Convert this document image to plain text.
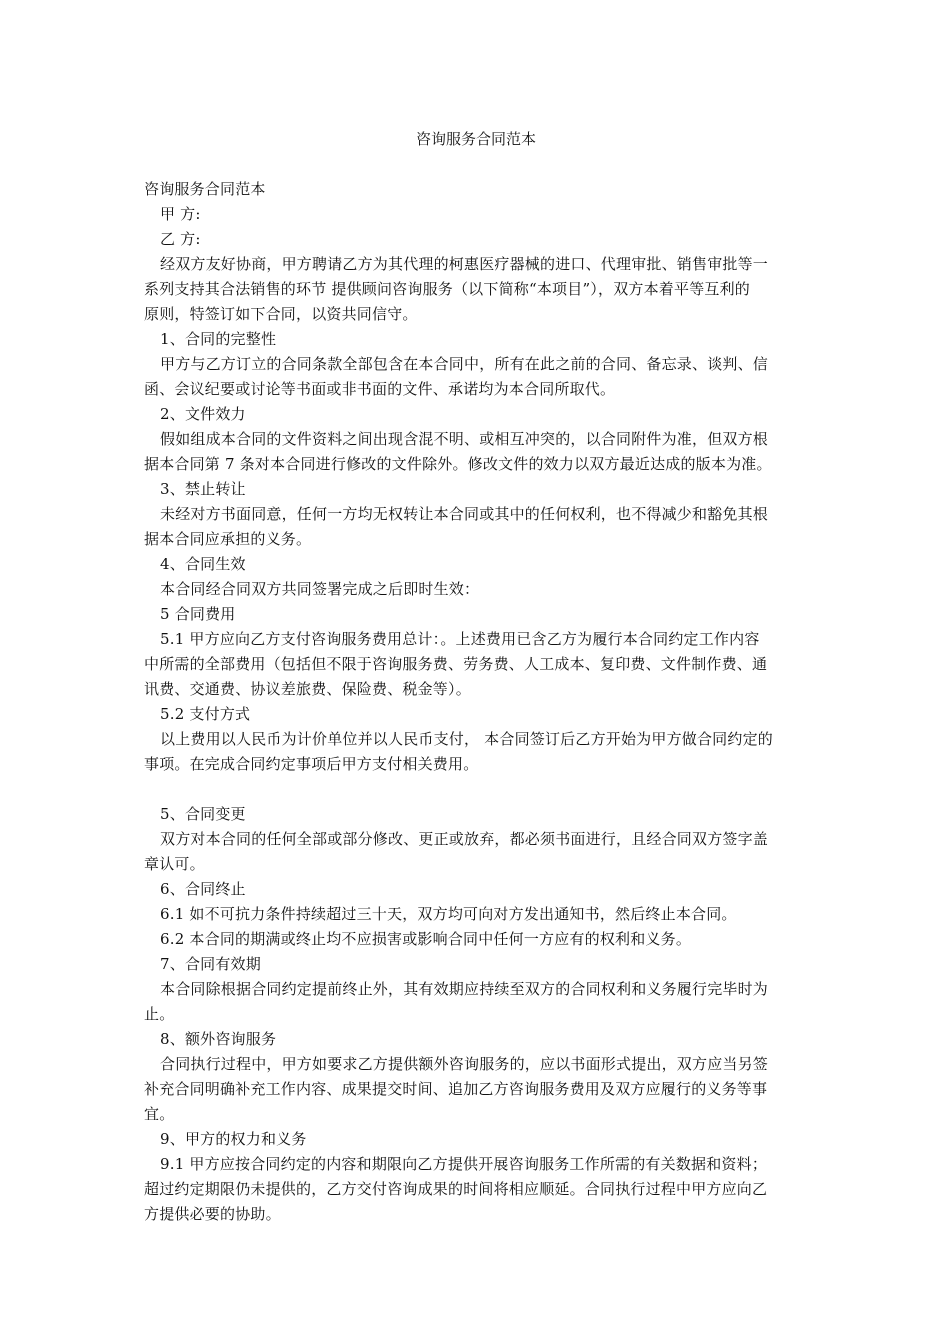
咨询服务合同范本

咨询服务合同范本

甲 方:

乙 方:

经双方友好协商，甲方聘请乙方为其代理的柯惠医疗器械的进口、代理审批、销售审批等一

系列支持其合法销售的环节 提供顾问咨询服务（以下简称“本项目”），双方本着平等互利的

原则，特签订如下合同，以资共同信守。

1、合同的完整性

甲方与乙方订立的合同条款全部包含在本合同中，所有在此之前的合同、备忘录、谈判、信

函、会议纪要或讨论等书面或非书面的文件、承诺均为本合同所取代。

2、文件效力

假如组成本合同的文件资料之间出现含混不明、或相互冲突的，以合同附件为准，但双方根

据本合同第 7 条对本合同进行修改的文件除外。修改文件的效力以双方最近达成的版本为准。

3、禁止转让

未经对方书面同意，任何一方均无权转让本合同或其中的任何权利，也不得减少和豁免其根

据本合同应承担的义务。

4、合同生效

本合同经合同双方共同签署完成之后即时生效：

5 合同费用

5.1 甲方应向乙方支付咨询服务费用总计：。上述费用已含乙方为履行本合同约定工作内容

中所需的全部费用（包括但不限于咨询服务费、劳务费、人工成本、复印费、文件制作费、通

讯费、交通费、协议差旅费、保险费、税金等）。

5.2 支付方式

以上费用以人民币为计价单位并以人民币支付， 本合同签订后乙方开始为甲方做合同约定的

事项。在完成合同约定事项后甲方支付相关费用。

5、合同变更

双方对本合同的任何全部或部分修改、更正或放弃，都必须书面进行，且经合同双方签字盖

章认可。

6、合同终止

6.1 如不可抗力条件持续超过三十天，双方均可向对方发出通知书，然后终止本合同。

6.2 本合同的期满或终止均不应损害或影响合同中任何一方应有的权利和义务。

7、合同有效期

本合同除根据合同约定提前终止外，其有效期应持续至双方的合同权利和义务履行完毕时为

止。

8、额外咨询服务

合同执行过程中，甲方如要求乙方提供额外咨询服务的，应以书面形式提出，双方应当另签

补充合同明确补充工作内容、成果提交时间、追加乙方咨询服务费用及双方应履行的义务等事

宜。

9、甲方的权力和义务

9.1 甲方应按合同约定的内容和期限向乙方提供开展咨询服务工作所需的有关数据和资料；

超过约定期限仍未提供的，乙方交付咨询成果的时间将相应顺延。合同执行过程中甲方应向乙

方提供必要的协助。
